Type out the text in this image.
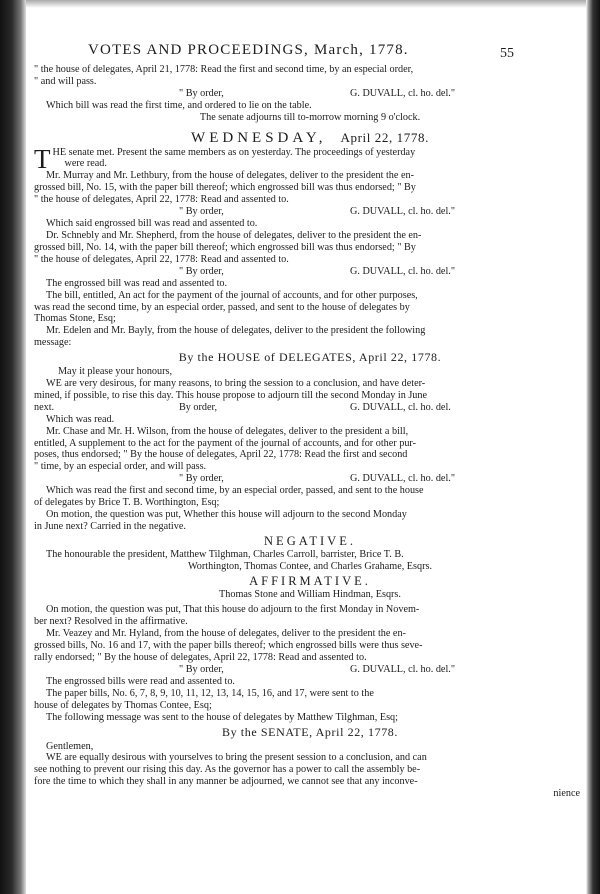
VOTES AND PROCEEDINGS, March, 1778.	55

" the house of delegates, April 21, 1778: Read the first and second time, by an especial order,

" and will pass.

" By order,	G. DUVALL, cl. ho. del."

Which bill was read the first time, and ordered to lie on the table.

The senate adjourns till to-morrow morning 9 o'clock.

WEDNESDAY, April 22, 1778.
T HE senate met. Present the same members as on yesterday. The proceedings of yesterday

were read.

Mr. Murray and Mr. Lethbury, from the house of delegates, deliver to the president the en-

grossed bill, No. 15, with the paper bill thereof; which engrossed bill was thus endorsed; " By

" the house of delegates, April 22, 1778: Read and assented to.

" By order,	G. DUVALL, cl. ho. del."

Which said engrossed bill was read and assented to.

Dr. Schnebly and Mr. Shepherd, from the house of delegates, deliver to the president the en-

grossed bill, No. 14, with the paper bill thereof; which engrossed bill was thus endorsed; " By

" the house of delegates, April 22, 1778: Read and assented to.

" By order,	G. DUVALL, cl. ho. del."

The engrossed bill was read and assented to.

The bill, entitled, An act for the payment of the journal of accounts, and for other purposes,

was read the second time, by an especial order, passed, and sent to the house of delegates by

Thomas Stone, Esq;

Mr. Edelen and Mr. Bayly, from the house of delegates, deliver to the president the following

message:

By the HOUSE of DELEGATES, April 22, 1778.

May it please your honours,

WE are very desirous, for many reasons, to bring the session to a conclusion, and have deter-

mined, if possible, to rise this day. This house propose to adjourn till the second Monday in June

next.	By order,	G. DUVALL, cl. ho. del.

Which was read.

Mr. Chase and Mr. H. Wilson, from the house of delegates, deliver to the president a bill,

entitled, A supplement to the act for the payment of the journal of accounts, and for other pur-

poses, thus endorsed; " By the house of delegates, April 22, 1778: Read the first and second

" time, by an especial order, and will pass.

" By order,	G. DUVALL, cl. ho. del."

Which was read the first and second time, by an especial order, passed, and sent to the house

of delegates by Brice T. B. Worthington, Esq;

On motion, the question was put, Whether this house will adjourn to the second Monday

in June next? Carried in the negative.

NEGATIVE.

The honourable the president, Matthew Tilghman, Charles Carroll, barrister, Brice T. B.

Worthington, Thomas Contee, and Charles Grahame, Esqrs.

AFFIRMATIVE.

Thomas Stone and William Hindman, Esqrs.

On motion, the question was put, That this house do adjourn to the first Monday in Novem-

ber next? Resolved in the affirmative.

Mr. Veazey and Mr. Hyland, from the house of delegates, deliver to the president the en-

grossed bills, No. 16 and 17, with the paper bills thereof; which engrossed bills were thus seve-

rally endorsed; " By the house of delegates, April 22, 1778: Read and assented to.

" By order,	G. DUVALL, cl. ho. del."

The engrossed bills were read and assented to.

The paper bills, No. 6, 7, 8, 9, 10, 11, 12, 13, 14, 15, 16, and 17, were sent to the

house of delegates by Thomas Contee, Esq;

The following message was sent to the house of delegates by Matthew Tilghman, Esq;

By the SENATE, April 22, 1778.

Gentlemen,

WE are equally desirous with yourselves to bring the present session to a conclusion, and can

see nothing to prevent our rising this day. As the governor has a power to call the assembly be-

fore the time to which they shall in any manner be adjourned, we cannot see that any inconve-

nience
